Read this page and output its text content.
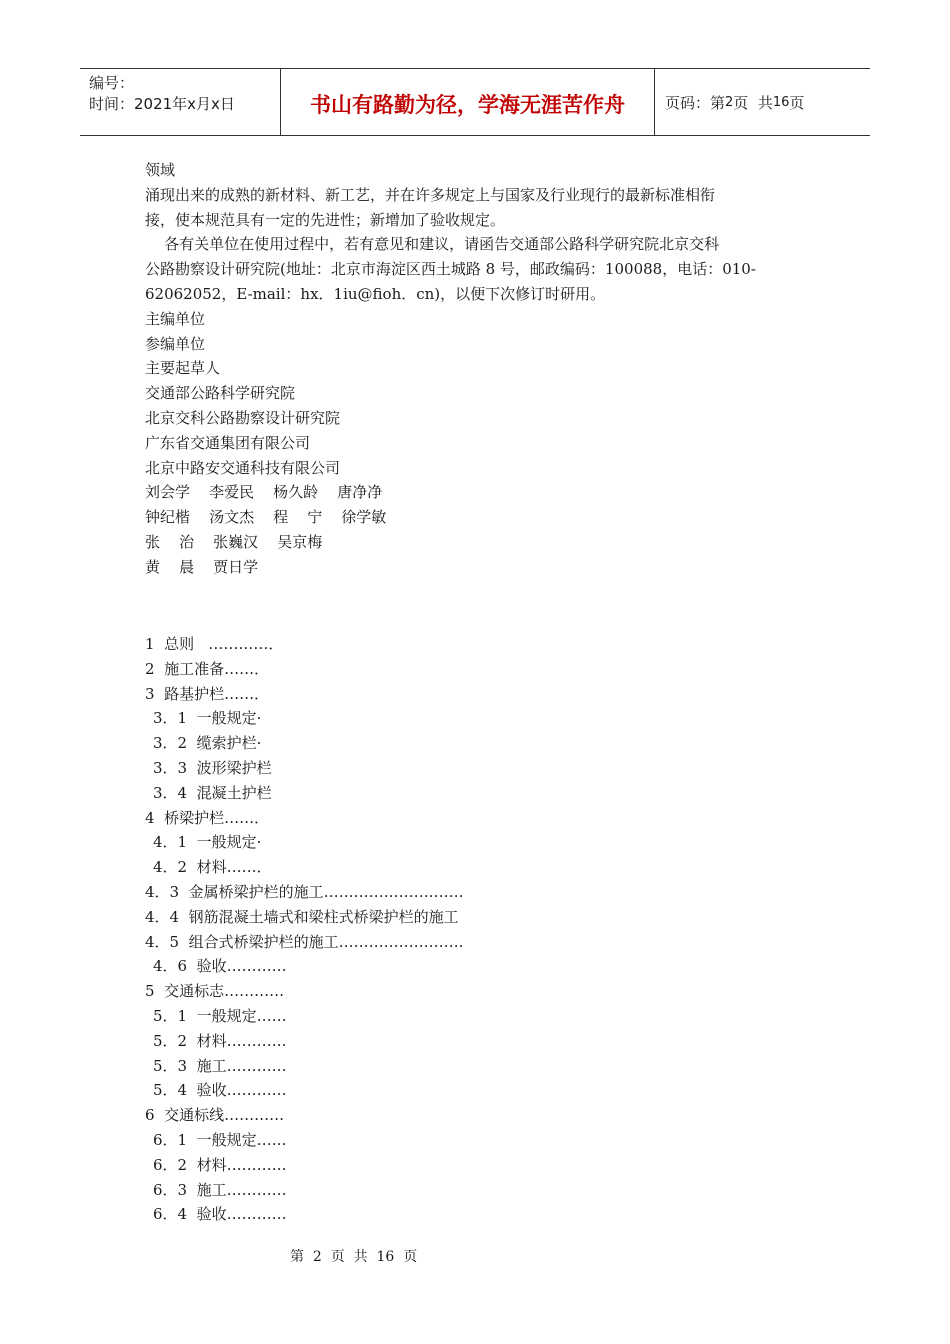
编号：
时间：2021年x月x日	书山有路勤为径，学海无涯苦作舟	页码：第 2 页  共 16 页
领域
涌现出来的成熟的新材料、新工艺，并在许多规定上与国家及行业现行的最新标准相衔
接，使本规范具有一定的先进性；新增加了验收规定。
各有关单位在使用过程中，若有意见和建议，请函告交通部公路科学研究院北京交科
公路勘察设计研究院(地址：北京市海淀区西土城路 8 号，邮政编码：100088，电话：010-
62062052，E-mail：hx．1iu@fioh．cn)，以便下次修订时研用。
主编单位
参编单位
主要起草人
交通部公路科学研究院
北京交科公路勘察设计研究院
广东省交通集团有限公司
北京中路安交通科技有限公司
刘会学    李爱民    杨久龄    唐净净
钟纪楷    汤文杰    程    宁    徐学敏
张    治    张巍汉    吴京梅
黄    晨    贾日学
1  总则   …………．
2  施工准备……．
3  路基护栏……．
3．1  一般规定·
3．2  缆索护栏·
3．3  波形梁护栏
3．4  混凝土护栏
4  桥梁护栏……．
4．1  一般规定·
4．2  材料……．
4．3  金属桥梁护栏的施工……………………….
4．4  钢筋混凝土墙式和梁柱式桥梁护栏的施工
4．5  组合式桥梁护栏的施工…………………….
4．6  验收…………
5  交通标志…………
5．1  一般规定……
5．2  材料…………
5．3  施工…………
5．4  验收…………
6  交通标线…………
6．1  一般规定……
6．2  材料…………
6．3  施工…………
6．4  验收…………
第  2  页  共  16  页
